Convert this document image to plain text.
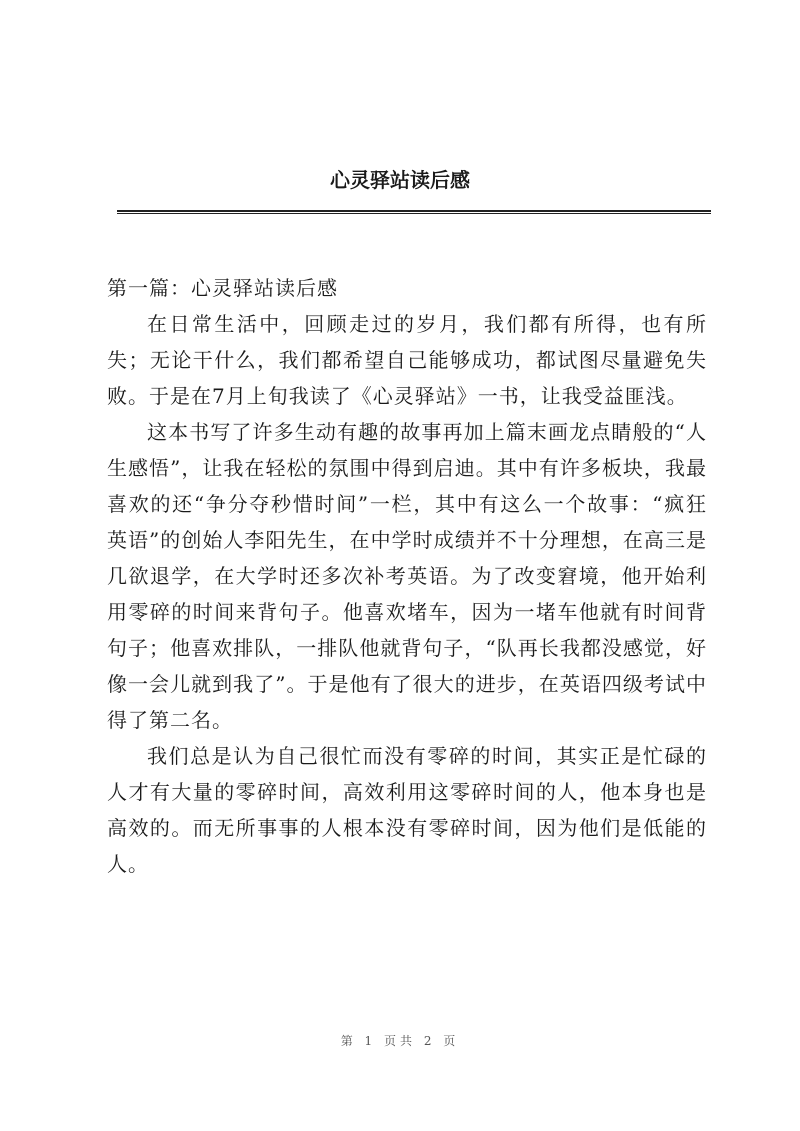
心灵驿站读后感
第一篇：心灵驿站读后感

在日常生活中，回顾走过的岁月，我们都有所得，也有所失；无论干什么，我们都希望自己能够成功，都试图尽量避免失败。于是在7月上旬我读了《心灵驿站》一书，让我受益匪浅。

这本书写了许多生动有趣的故事再加上篇末画龙点睛般的“人生感悟”，让我在轻松的氛围中得到启迪。其中有许多板块，我最喜欢的还“争分夺秒惜时间”一栏，其中有这么一个故事：“疯狂英语”的创始人李阳先生，在中学时成绩并不十分理想，在高三是几欲退学，在大学时还多次补考英语。为了改变窘境，他开始利用零碎的时间来背句子。他喜欢堵车，因为一堵车他就有时间背句子；他喜欢排队，一排队他就背句子，“队再长我都没感觉，好像一会儿就到我了”。于是他有了很大的进步，在英语四级考试中得了第二名。

我们总是认为自己很忙而没有零碎的时间，其实正是忙碌的人才有大量的零碎时间，高效利用这零碎时间的人，他本身也是高效的。而无所事事的人根本没有零碎时间，因为他们是低能的人。

第 1 页共 2 页
